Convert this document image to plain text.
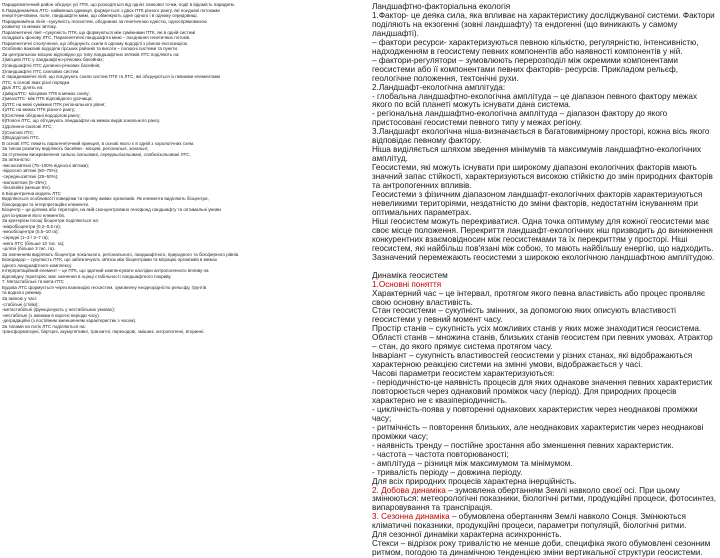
Парадигматичний район обєднує усі ПТК, що розходяться від однієї ланкової точки, події в відомість парадигм.

5.Парадинамічна ЛТС- найменша одиниця, формується з двох ПТК різного рангу, які поєднані потоками

енергії-речовини, поле, ландшафтні межі, що обмежують одне одного і в одному середовищі.

Парадинамічна лінія –сукупність геосистем, обєднаних за генетичною єдністю, односпрямованою

розвитку та межах зв'язку.

Парагенетичні лінії –сукупність ПТК, що формуються між суміжними ПТК, які в одній системі

складають фонову ЛТС. Парагенетичні ландшафтні межі – поєднання генетичних потоків.

Парагенетичні сполучення, що обєднують схили в одному вододілі з різною експозицією.

Особливо важливі вододіли гірських районів та висоти – полюсні системи та пункти.

За центральною місцею відповідно до типу ландшафтних зв'язків ЛТС поділяють на:

1)місцеві ЛТС у ландшафтно-річкових басейнах;

2)ландшафтні ЛТС долинно-річкових басейнів;

3)ландшафтні ЛТС схилових систем.

Є парадинамічні лінії, що поєднують схили систем ПТК та ЛТС, які обєднуються із певними елементами

ЛТС, в основі яких різні порядки.

Далі ЛТС ділять на:

1)мікроЛТС- місцевих ПТК в межах схилу;

2)мезоЛТС- між ПТК відповідного урочища;

3)ЛТС на межі суміжних ПТК регіонального рівня;

4)ЛТС на межах ПТК різного рангу;

5)Системи обєднані вододілом рангу;

6)Поясні ЛТС, що об'єднують ландшафти на межах видів зонального рангу.

1)Долинно-схилові ЛТС;

2)Схилові ЛТС;

3)Вододілові ЛТС.

В основі ЛТС лежить парагенетичний принцип, в основі якого є в одній з хорологічних схем.

За типом розвитку виділяють басейни - місцеві, регіональні, зональні;

За ступенем виокремлення сильно ізольовані, середньоізольовані, слабкоізольовані ЛТС.

За зв'язністю:

-високозв'язні (75–100% відносні зв'язки);

-відносно зв'язні (50–75%);

-середньозв'язні (25–50%);

-малозв'язні (5–25%);

-безлінійні (менше 5%).

6.Біоцентрична модель ЛТС

Виділяються особливості поведінки та прояву живих організмів. Як елементи виділяють біоцентри,

біокоридори та інтерпретаційні елементи.

Біоцентр – це ділянка або територія, на якій сконцентровано генофонд ландшафту та оптимальні умови

для існування його елементів.

За критерієм площі біоцентри поділяються на:

-мікробіоцентри (0,2–0,5 га);

-мезобіоцентри (0,5–10 га);

-середні (1–3 / 3–7 га);

-мега ЛТС (більше 10 тис. га);

-цілісні (більше 3 тис. га).

За значенням виділяють біоцентри локального, регіонального, ландшафтного, природного та біосферного рівнів.

Біокоридор – сукупність ПТК, що забезпечують зв'язок між біоцентрами та міграцію організмів в межах

одного ландшафтного комплексу.

Інтерпретаційний елемент – це ПТК, що здатний компенсувати наслідки антропогенного впливу на

відповідну територію, має значення в оцінці стабільності ландшафтного покриву.

7. Метастабільні та мета-ЛТС

Будова ЛТС формується через взаємодію геосистем, зумовлену неоднорідністю рельєфу, ґрунтів

та водного режиму.

За зміною у часі:

-стабільні (стійкі);

-метастабільні (функціонують у нестабільних умовах);

-нестабільні (з змінами в короткі періоди часу).

-деградаційні (з постійним зменшенням характеристик з часом).

За типами на потік ЛТС поділяються на:

трансформаторні, бар'єрні, акумулятивні, транзитні, переходові, змішані, антропогенні, вторинні.

Ландшафтно-факторіальна екологія

1.Фактор- це деяка сила, яка впливає на характеристику досліджуваної системи. Фактори поділяють на екзогенні (зовні ландшафту) та ендогенні (що виникають у самому ландшафті).

– фактори ресурси- характеризуються певною кількістю, регулярністю, інтенсивністю, надходженням в геосистему певних компонентів або наявності компонентів у ній.

– фактори-регулятори – зумовлюють перерозподіл між окремими компонентами геосистеми або її компонентами певних факторів- ресурсів. Прикладом рельєф, геологічне положення, тектонічні рухи.

2.Ландшафт-екологічна амплітуда:

- глобальна ландшафтно-екологічна амплітуда – це діапазон певного фактору межах якого по всій планеті можуть існувати дана система.

- регіональна ландшафтно-екологічна амплітуда – діапазон фактору до якого пристосовані геосистеми певного типу у межах регіону.

3.Ландшафт екологічна ніша-визначається в багатовимірному просторі, кожна вісь якого відповідає певному фактору.

Ніша виділяється шляхом зведення мінімумів та максимумів ландшафтно-екологічних амплітуд.

Геосистеми, які можуть існувати при широкому діапазоні екологічних факторів мають значний запас стійкості, характеризуються високою стійкістю до змін природних факторів та антропогенних впливів.

Геосистеми з фізичним діапазоном ландшафт-екологічних факторів характеризуються невеликими територіями, нездатністю до зміни факторів, недостатнім існуванням при оптимальних параметрах.

Ніші геосистем можуть перекриватися. Одна точка оптимуму для кожної геосистеми має своє місце положення. Перекриття ландшафт-екологічних ніш призводить до виникнення конкурентних взаємовідносин між геосистемами та їх перекриттям у просторі. Ніші геосистем, які найбільш пов'язані між собою, то мають найбільшу енергію, що надходить. Зазначений перемежають геосистеми з широкою екологічною ландшафтною амплітудою.

Динаміка геосистем

1.Основні поняття

Характерний час – це інтервал, протягом якого певна властивість або процес проявляє свою основну властивість.

Стан геосистеми – сукупність змінних, за допомогою яких описують властивості геосистеми у певний момент часу.

Простір станів – сукупність усіх можливих станів у яких може знаходитися геосистема. Області станів – множина станів, близьких станів геосистем при певних умовах. Атрактор – стан, до якого прямує система протягом часу.

Інваріант – сукупність властивостей геосистеми у різних станах, які відображаються характерною реакцією системи на змінні умови, відображається у часі.

Часові параметри геосистем характеризуються:

- періодичністю-це наявність процесів для яких однакове значення певних характеристик повторюється через однаковий проміжок часу (період). Для природних процесів характерно не є квазіперіодичність.

- циклічність-поява у повторенні однакових характеристик через неоднакові проміжки часу;

- ритмічність – повторення близьких, але неоднакових характеристик через неоднакові проміжки часу;

- наявність тренду – постійне зростання або зменшення певних характеристик.

- частота – частота повторюваності;

- амплітуда – різниця між максимумом та мінімумом.

- тривалість періоду – довжина періоду.

Для всіх природних процесів характерна інерційність.

2. Добова динаміка – зумовлена обертанням Землі навколо своєї осі. При цьому змінюються: метеорологічні показники, біологічні ритми, продукційні процеси, фотосинтез, випаровування та транспірація.

3. Сезонна динаміка – обумовлена обертанням Землі навколо Сонця. Змінюються кліматичні показники, продукційні процеси, параметри популяцій, біологічні ритми.

Для сезонної динаміки характерна асинхронність.

Стекси – відрізок року тривалістю не менше доби, специфіка якого обумовлені сезонним ритмом, погодою та динамічною тенденцією зміни вертикальної структури геосистеми.
